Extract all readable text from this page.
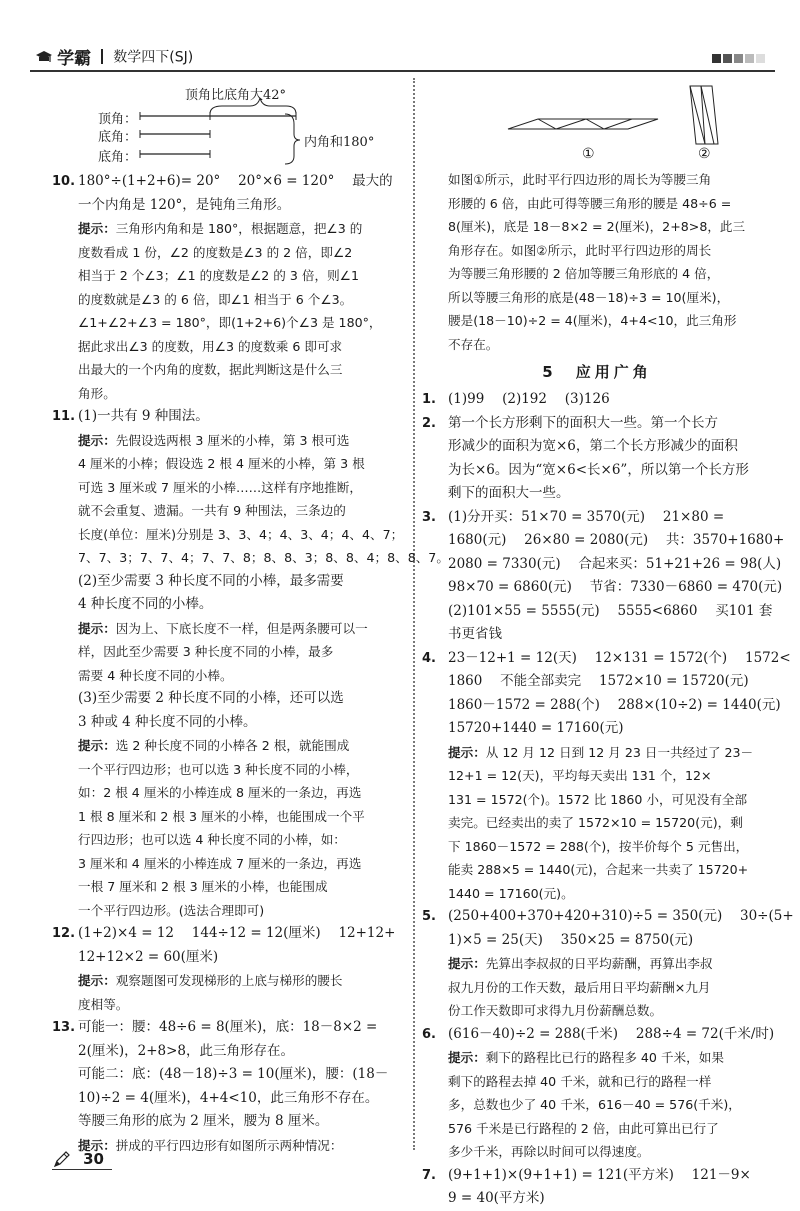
学霸 数学四下(SJ)
顶角比底角大42°
顶角：
底角：
底角：
内角和180°
①	②
10. 180°÷(1+2+6)= 20°　 20°×6 = 120°　 最大的
一个内角是 120°，是钝角三角形。
提示：三角形内角和是 180°，根据题意，把∠3 的
度数看成 1 份，∠2 的度数是∠3 的 2 倍，即∠2
相当于 2 个∠3；∠1 的度数是∠2 的 3 倍，则∠1
的度数就是∠3 的 6 倍，即∠1 相当于 6 个∠3。
∠1+∠2+∠3 = 180°，即(1+2+6)个∠3 是 180°，
据此求出∠3 的度数，用∠3 的度数乘 6 即可求
出最大的一个内角的度数，据此判断这是什么三
角形。
11. (1)一共有 9 种围法。
提示：先假设选两根 3 厘米的小棒，第 3 根可选
4 厘米的小棒；假设选 2 根 4 厘米的小棒，第 3 根
可选 3 厘米或 7 厘米的小棒……这样有序地推断，
就不会重复、遗漏。一共有 9 种围法，三条边的
长度(单位：厘米)分别是 3、3、4；4、3、4；4、4、7；
7、7、3；7、7、4；7、7、8；8、8、3；8、8、4；8、8、7。
(2)至少需要 3 种长度不同的小棒，最多需要
4 种长度不同的小棒。
提示：因为上、下底长度不一样，但是两条腰可以一
样，因此至少需要 3 种长度不同的小棒，最多
需要 4 种长度不同的小棒。
(3)至少需要 2 种长度不同的小棒，还可以选
3 种或 4 种长度不同的小棒。
提示：选 2 种长度不同的小棒各 2 根，就能围成
一个平行四边形；也可以选 3 种长度不同的小棒，
如：2 根 4 厘米的小棒连成 8 厘米的一条边，再选
1 根 8 厘米和 2 根 3 厘米的小棒，也能围成一个平
行四边形；也可以选 4 种长度不同的小棒，如：
3 厘米和 4 厘米的小棒连成 7 厘米的一条边，再选
一根 7 厘米和 2 根 3 厘米的小棒，也能围成
一个平行四边形。(选法合理即可)
12. (1+2)×4 = 12　 144÷12 = 12(厘米)　 12+12+
12+12×2 = 60(厘米)
提示：观察题图可发现梯形的上底与梯形的腰长
度相等。
13. 可能一：腰：48÷6 = 8(厘米)，底：18－8×2 =
2(厘米)，2+8>8，此三角形存在。
可能二：底：(48－18)÷3 = 10(厘米)，腰：(18－
10)÷2 = 4(厘米)，4+4<10，此三角形不存在。
等腰三角形的底为 2 厘米，腰为 8 厘米。
提示：拼成的平行四边形有如图所示两种情况：
如图①所示，此时平行四边形的周长为等腰三角
形腰的 6 倍，由此可得等腰三角形的腰是 48÷6 =
8(厘米)，底是 18－8×2 = 2(厘米)，2+8>8，此三
角形存在。如图②所示，此时平行四边形的周长
为等腰三角形腰的 2 倍加等腰三角形底的 4 倍，
所以等腰三角形的底是(48－18)÷3 = 10(厘米)，
腰是(18－10)÷2 = 4(厘米)，4+4<10，此三角形
不存在。
5　应用广角
1. (1)99　 (2)192　 (3)126
2. 第一个长方形剩下的面积大一些。第一个长方
形减少的面积为宽×6，第二个长方形减少的面积
为长×6。因为“宽×6<长×6”，所以第一个长方形
剩下的面积大一些。
3. (1)分开买：51×70 = 3570(元)　 21×80 =
1680(元)　 26×80 = 2080(元)　 共：3570+1680+
2080 = 7330(元)　 合起来买：51+21+26 = 98(人)
98×70 = 6860(元)　 节省：7330－6860 = 470(元)
(2)101×55 = 5555(元)　 5555<6860　 买101 套
书更省钱
4. 23－12+1 = 12(天)　 12×131 = 1572(个)　 1572<
1860　 不能全部卖完　 1572×10 = 15720(元)
1860－1572 = 288(个)　 288×(10÷2) = 1440(元)
15720+1440 = 17160(元)
提示：从 12 月 12 日到 12 月 23 日一共经过了 23－
12+1 = 12(天)，平均每天卖出 131 个，12×
131 = 1572(个)。1572 比 1860 小，可见没有全部
卖完。已经卖出的卖了 1572×10 = 15720(元)，剩
下 1860－1572 = 288(个)，按半价每个 5 元售出，
能卖 288×5 = 1440(元)，合起来一共卖了 15720+
1440 = 17160(元)。
5. (250+400+370+420+310)÷5 = 350(元)　 30÷(5+
1)×5 = 25(天)　 350×25 = 8750(元)
提示：先算出李叔叔的日平均薪酬，再算出李叔
叔九月份的工作天数，最后用日平均薪酬×九月
份工作天数即可求得九月份薪酬总数。
6. (616－40)÷2 = 288(千米)　 288÷4 = 72(千米/时)
提示：剩下的路程比已行的路程多 40 千米，如果
剩下的路程去掉 40 千米，就和已行的路程一样
多，总数也少了 40 千米，616－40 = 576(千米)，
576 千米是已行路程的 2 倍，由此可算出已行了
多少千米，再除以时间可以得速度。
7. (9+1+1)×(9+1+1) = 121(平方米)　 121－9×
9 = 40(平方米)
30
